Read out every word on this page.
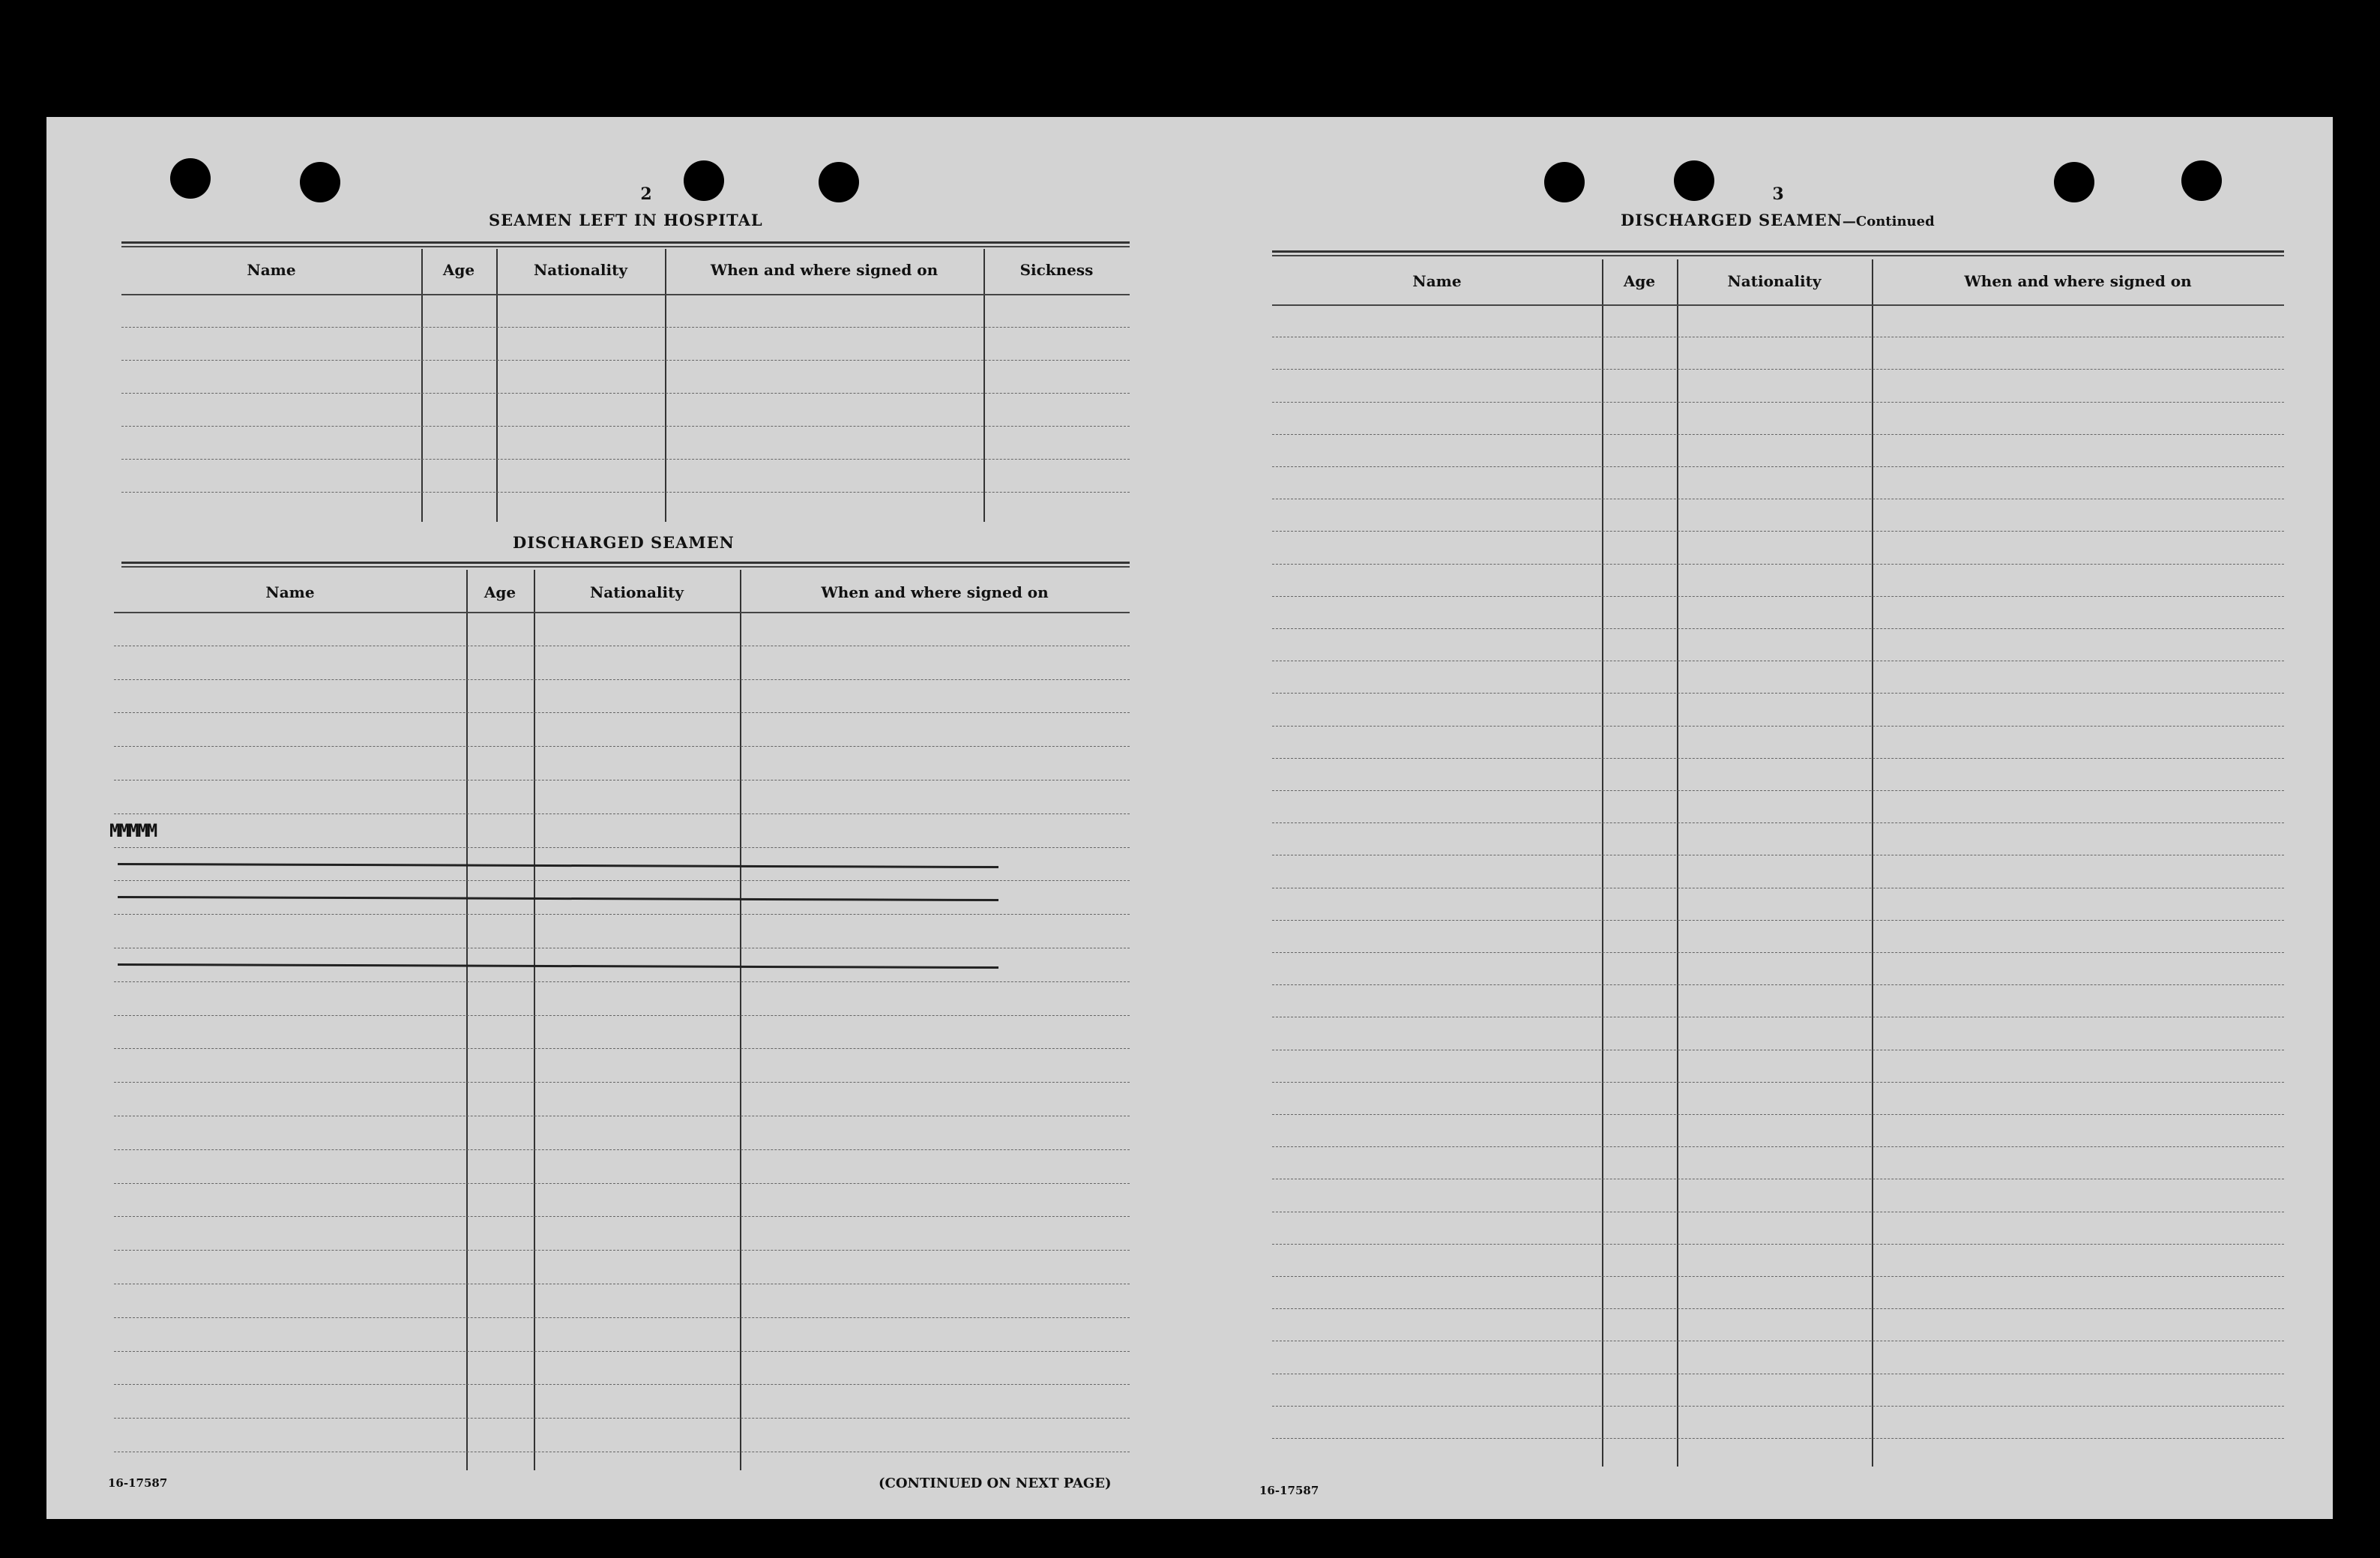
2
SEAMEN LEFT IN HOSPITAL
Name	Age	Nationality	When and where signed on	Sickness
DISCHARGED SEAMEN
Name	Age	Nationality	When and where signed on
MMMMM
16-17587	(CONTINUED ON NEXT PAGE)
3
DISCHARGED SEAMEN—Continued
Name	Age	Nationality	When and where signed on
16-17587
